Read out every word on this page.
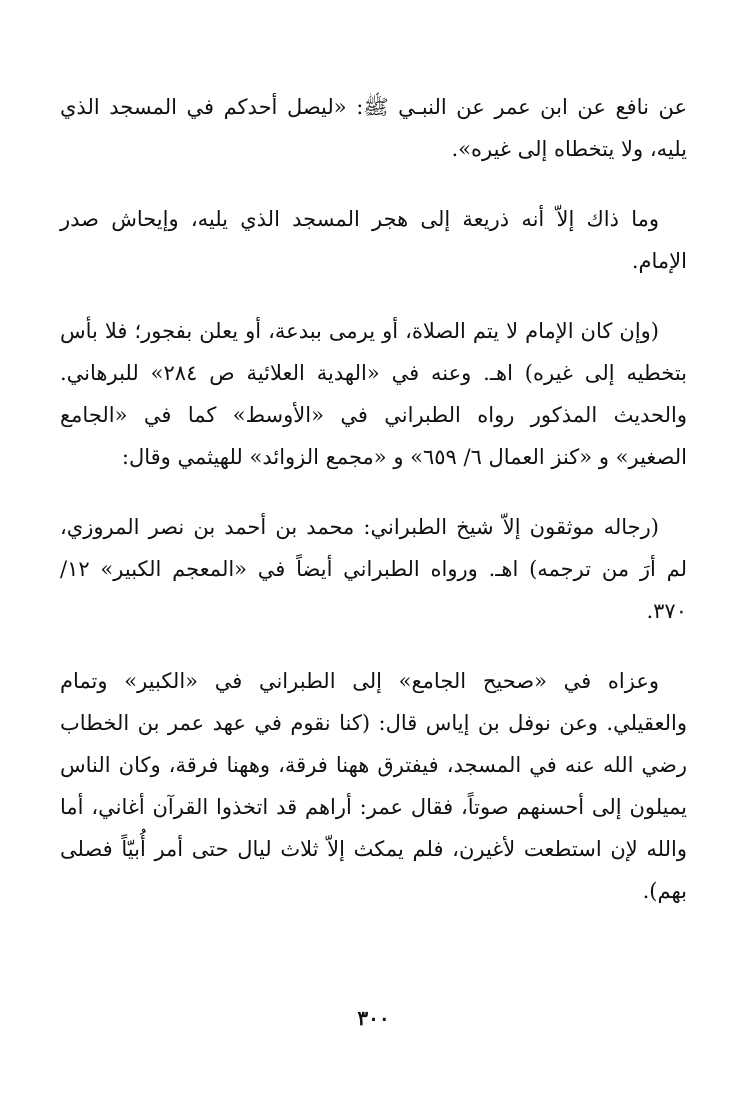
عن نافع عن ابن عمر عن النبـي ﷺ: «ليصل أحدكم في المسجد الذي يليه، ولا يتخطاه إلى غيره».

وما ذاك إلاّ أنه ذريعة إلى هجر المسجد الذي يليه، وإيحاش صدر الإمام.

(وإن كان الإمام لا يتم الصلاة، أو يرمى ببدعة، أو يعلن بفجور؛ فلا بأس بتخطيه إلى غيره) اهـ. وعنه في «الهدية العلائية ص ٢٨٤» للبرهاني. والحديث المذكور رواه الطبراني في «الأوسط» كما في «الجامع الصغير» و «كنز العمال ٦/ ٦٥٩» و «مجمع الزوائد» للهيثمي وقال:

(رجاله موثقون إلاّ شيخ الطبراني: محمد بن أحمد بن نصر المروزي، لم أرَ من ترجمه) اهـ. ورواه الطبراني أيضاً في «المعجم الكبير» ١٢/ ٣٧٠.

وعزاه في «صحيح الجامع» إلى الطبراني في «الكبير» وتمام والعقيلي. وعن نوفل بن إياس قال: (كنا نقوم في عهد عمر بن الخطاب رضي الله عنه في المسجد، فيفترق ههنا فرقة، وههنا فرقة، وكان الناس يميلون إلى أحسنهم صوتاً، فقال عمر: أراهم قد اتخذوا القرآن أغاني، أما والله لإن استطعت لأغيرن، فلم يمكث إلاّ ثلاث ليال حتى أمر أُبيّاً فصلى بهم).

٣٠٠
